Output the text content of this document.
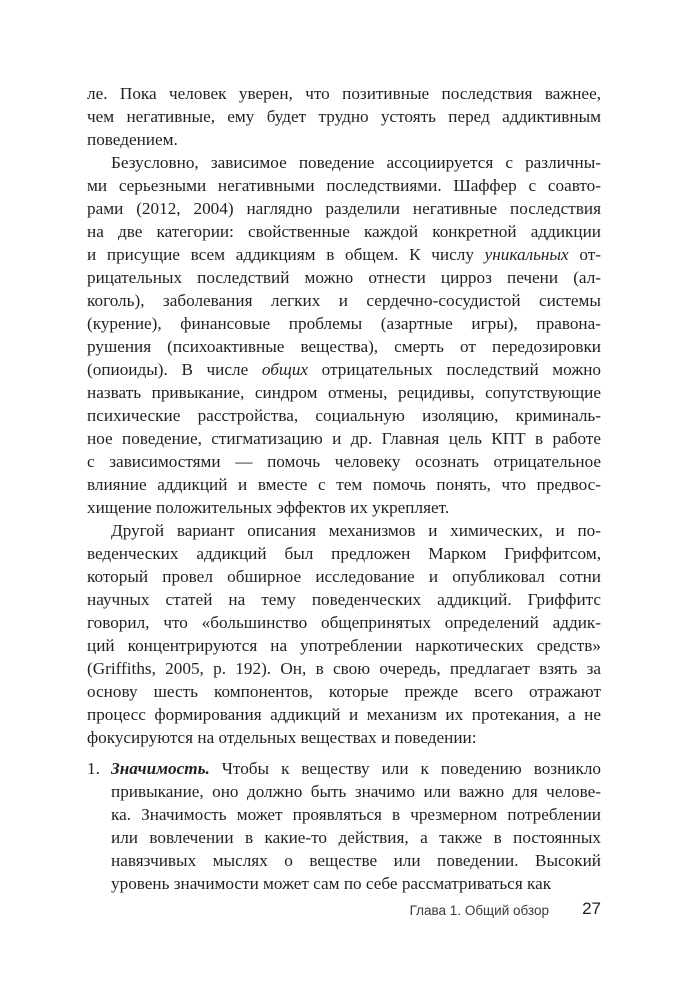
ле. Пока человек уверен, что позитивные последствия важнее,
чем негативные, ему будет трудно устоять перед аддиктивным
поведением.
Безусловно, зависимое поведение ассоциируется с различны-
ми серьезными негативными последствиями. Шаффер с соавто-
рами (2012, 2004) наглядно разделили негативные последствия
на две категории: свойственные каждой конкретной аддикции
и присущие всем аддикциям в общем. К числу уникальных от-
рицательных последствий можно отнести цирроз печени (ал-
коголь), заболевания легких и сердечно-сосудистой системы
(курение), финансовые проблемы (азартные игры), правона-
рушения (психоактивные вещества), смерть от передозировки
(опиоиды). В числе общих отрицательных последствий можно
назвать привыкание, синдром отмены, рецидивы, сопутствующие
психические расстройства, социальную изоляцию, криминаль-
ное поведение, стигматизацию и др. Главная цель КПТ в работе
с зависимостями — помочь человеку осознать отрицательное
влияние аддикций и вместе с тем помочь понять, что предвос-
хищение положительных эффектов их укрепляет.
Другой вариант описания механизмов и химических, и по-
веденческих аддикций был предложен Марком Гриффитсом,
который провел обширное исследование и опубликовал сотни
научных статей на тему поведенческих аддикций. Гриффитс
говорил, что «большинство общепринятых определений аддик-
ций концентрируются на употреблении наркотических средств»
(Griffiths, 2005, p. 192). Он, в свою очередь, предлагает взять за
основу шесть компонентов, которые прежде всего отражают
процесс формирования аддикций и механизм их протекания, а не
фокусируются на отдельных веществах и поведении:
1. Значимость. Чтобы к веществу или к поведению возникло
привыкание, оно должно быть значимо или важно для челове-
ка. Значимость может проявляться в чрезмерном потреблении
или вовлечении в какие-то действия, а также в постоянных
навязчивых мыслях о веществе или поведении. Высокий
уровень значимости может сам по себе рассматриваться как
Глава 1. Общий обзор 27
